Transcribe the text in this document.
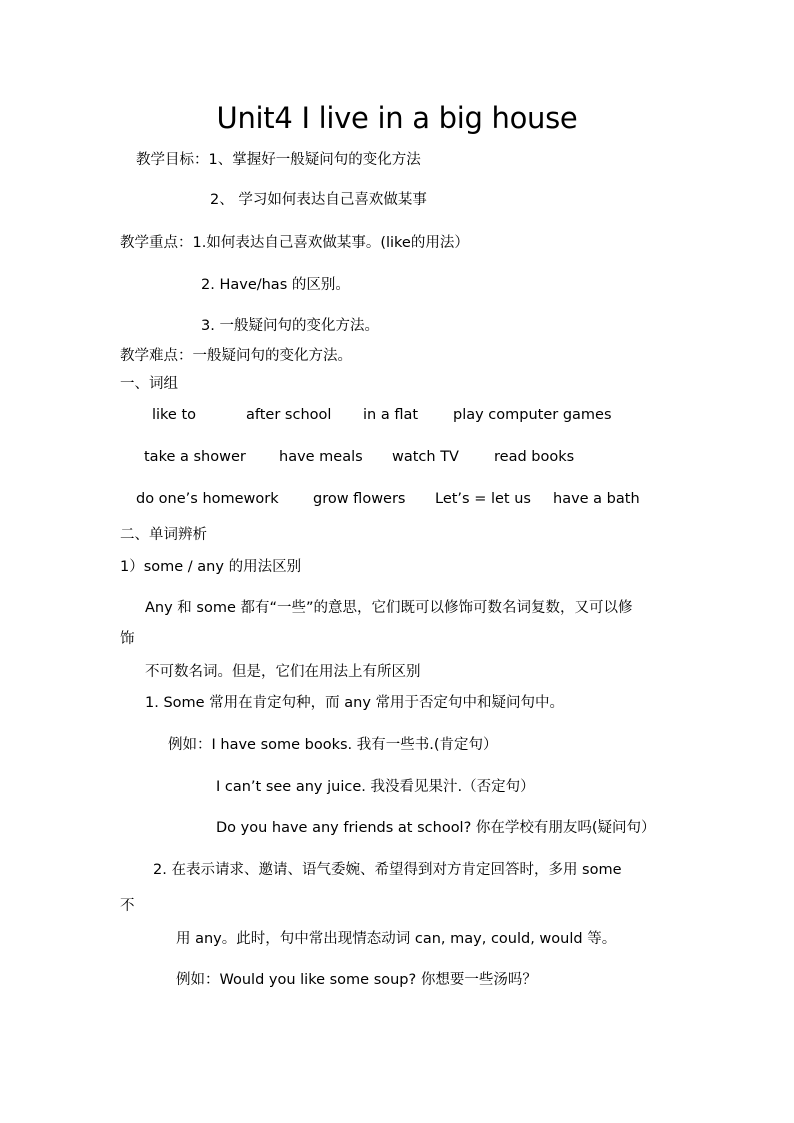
Unit4 I live in a big house
教学目标：1、掌握好一般疑问句的变化方法
2、 学习如何表达自己喜欢做某事
教学重点：1.如何表达自己喜欢做某事。(like的用法）
2. Have/has 的区别。
3. 一般疑问句的变化方法。
教学难点：一般疑问句的变化方法。
一、词组
like to	after school in a flat play computer games
take a shower have meals watch TV read books
do one’s homework grow flowers Let’s = let us have a bath
二、单词辨析
1）some / any 的用法区别
Any 和 some 都有“一些”的意思，它们既可以修饰可数名词复数，又可以修
饰
不可数名词。但是，它们在用法上有所区别
1. Some 常用在肯定句种，而 any 常用于否定句中和疑问句中。
例如：I have some books. 我有一些书.(肯定句）
I can’t see any juice. 我没看见果汁.（否定句）
Do you have any friends at school? 你在学校有朋友吗(疑问句）
2. 在表示请求、邀请、语气委婉、希望得到对方肯定回答时，多用 some
不
用 any。此时，句中常出现情态动词 can, may, could, would 等。
例如：Would you like some soup? 你想要一些汤吗？
